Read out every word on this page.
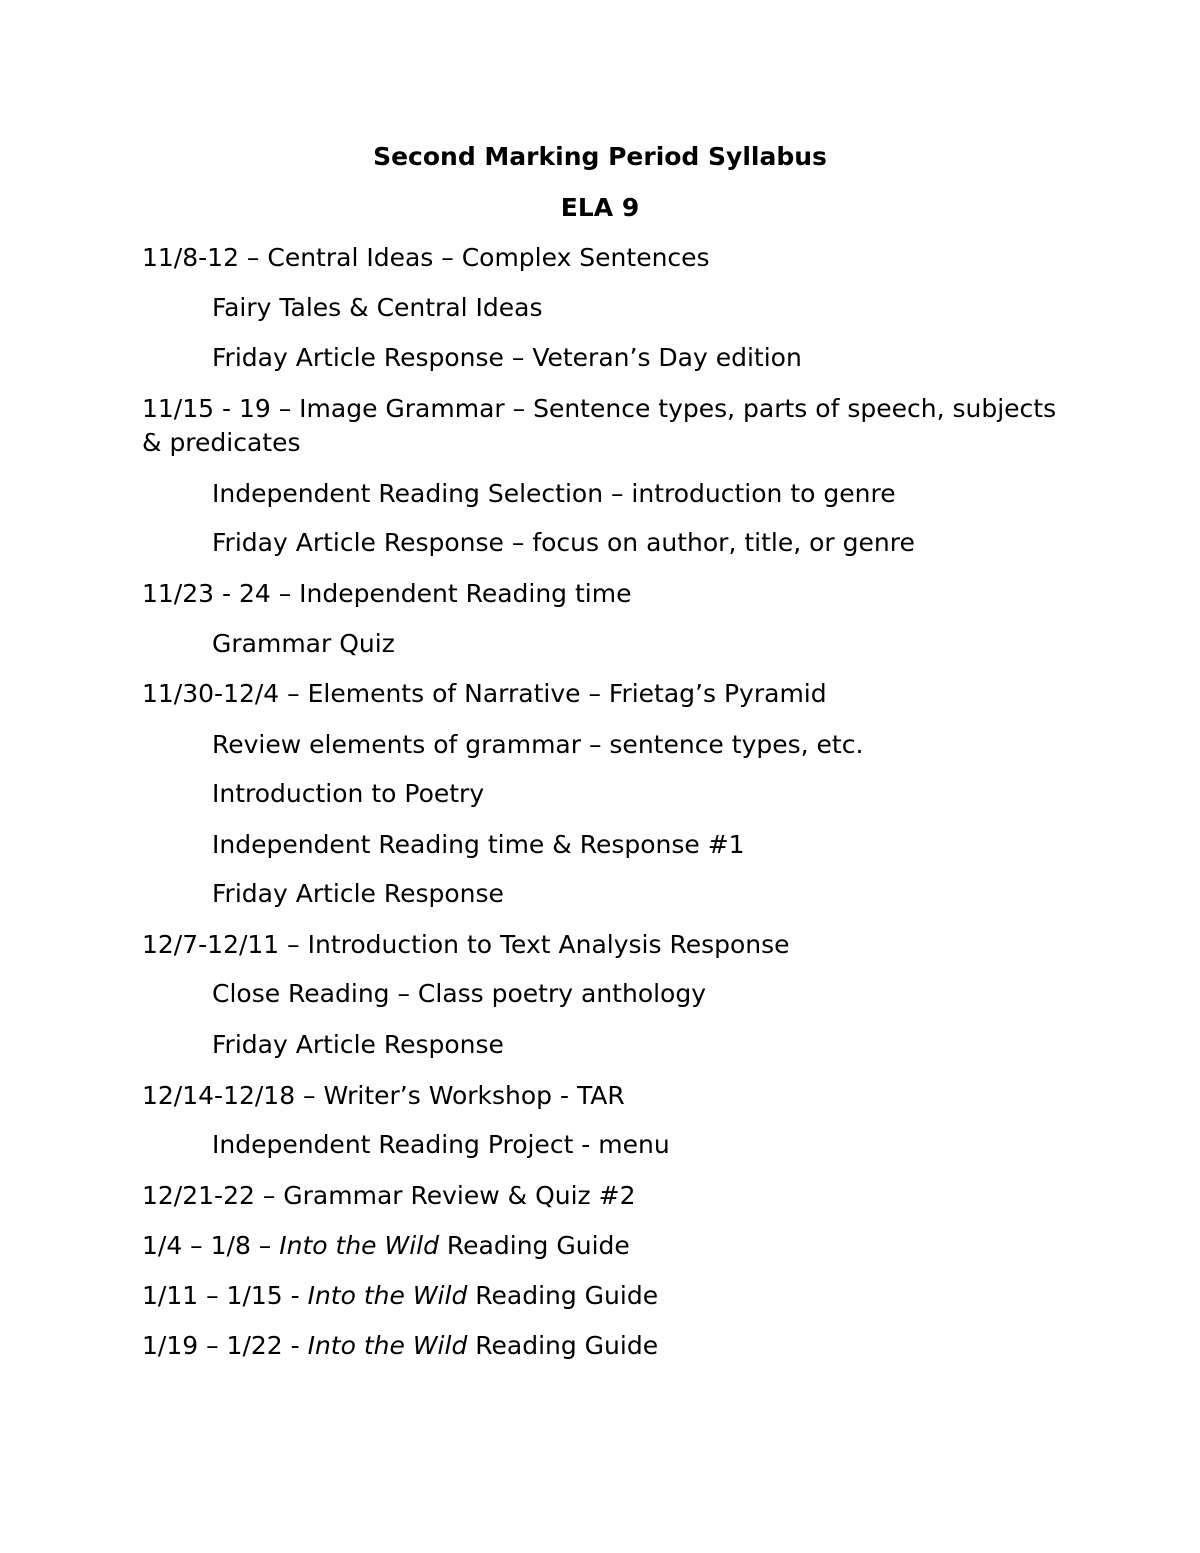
Second Marking Period Syllabus
ELA 9
11/8-12 – Central Ideas – Complex Sentences
Fairy Tales & Central Ideas
Friday Article Response – Veteran’s Day edition
11/15 - 19 – Image Grammar – Sentence types, parts of speech, subjects & predicates
Independent Reading Selection – introduction to genre
Friday Article Response – focus on author, title, or genre
11/23 - 24 – Independent Reading time
Grammar Quiz
11/30-12/4 – Elements of Narrative – Frietag’s Pyramid
Review elements of grammar – sentence types, etc.
Introduction to Poetry
Independent Reading time & Response #1
Friday Article Response
12/7-12/11 – Introduction to Text Analysis Response
Close Reading – Class poetry anthology
Friday Article Response
12/14-12/18 – Writer’s Workshop - TAR
Independent Reading Project - menu
12/21-22 – Grammar Review & Quiz #2
1/4 – 1/8 – Into the Wild Reading Guide
1/11 – 1/15 - Into the Wild Reading Guide
1/19 – 1/22 - Into the Wild Reading Guide
